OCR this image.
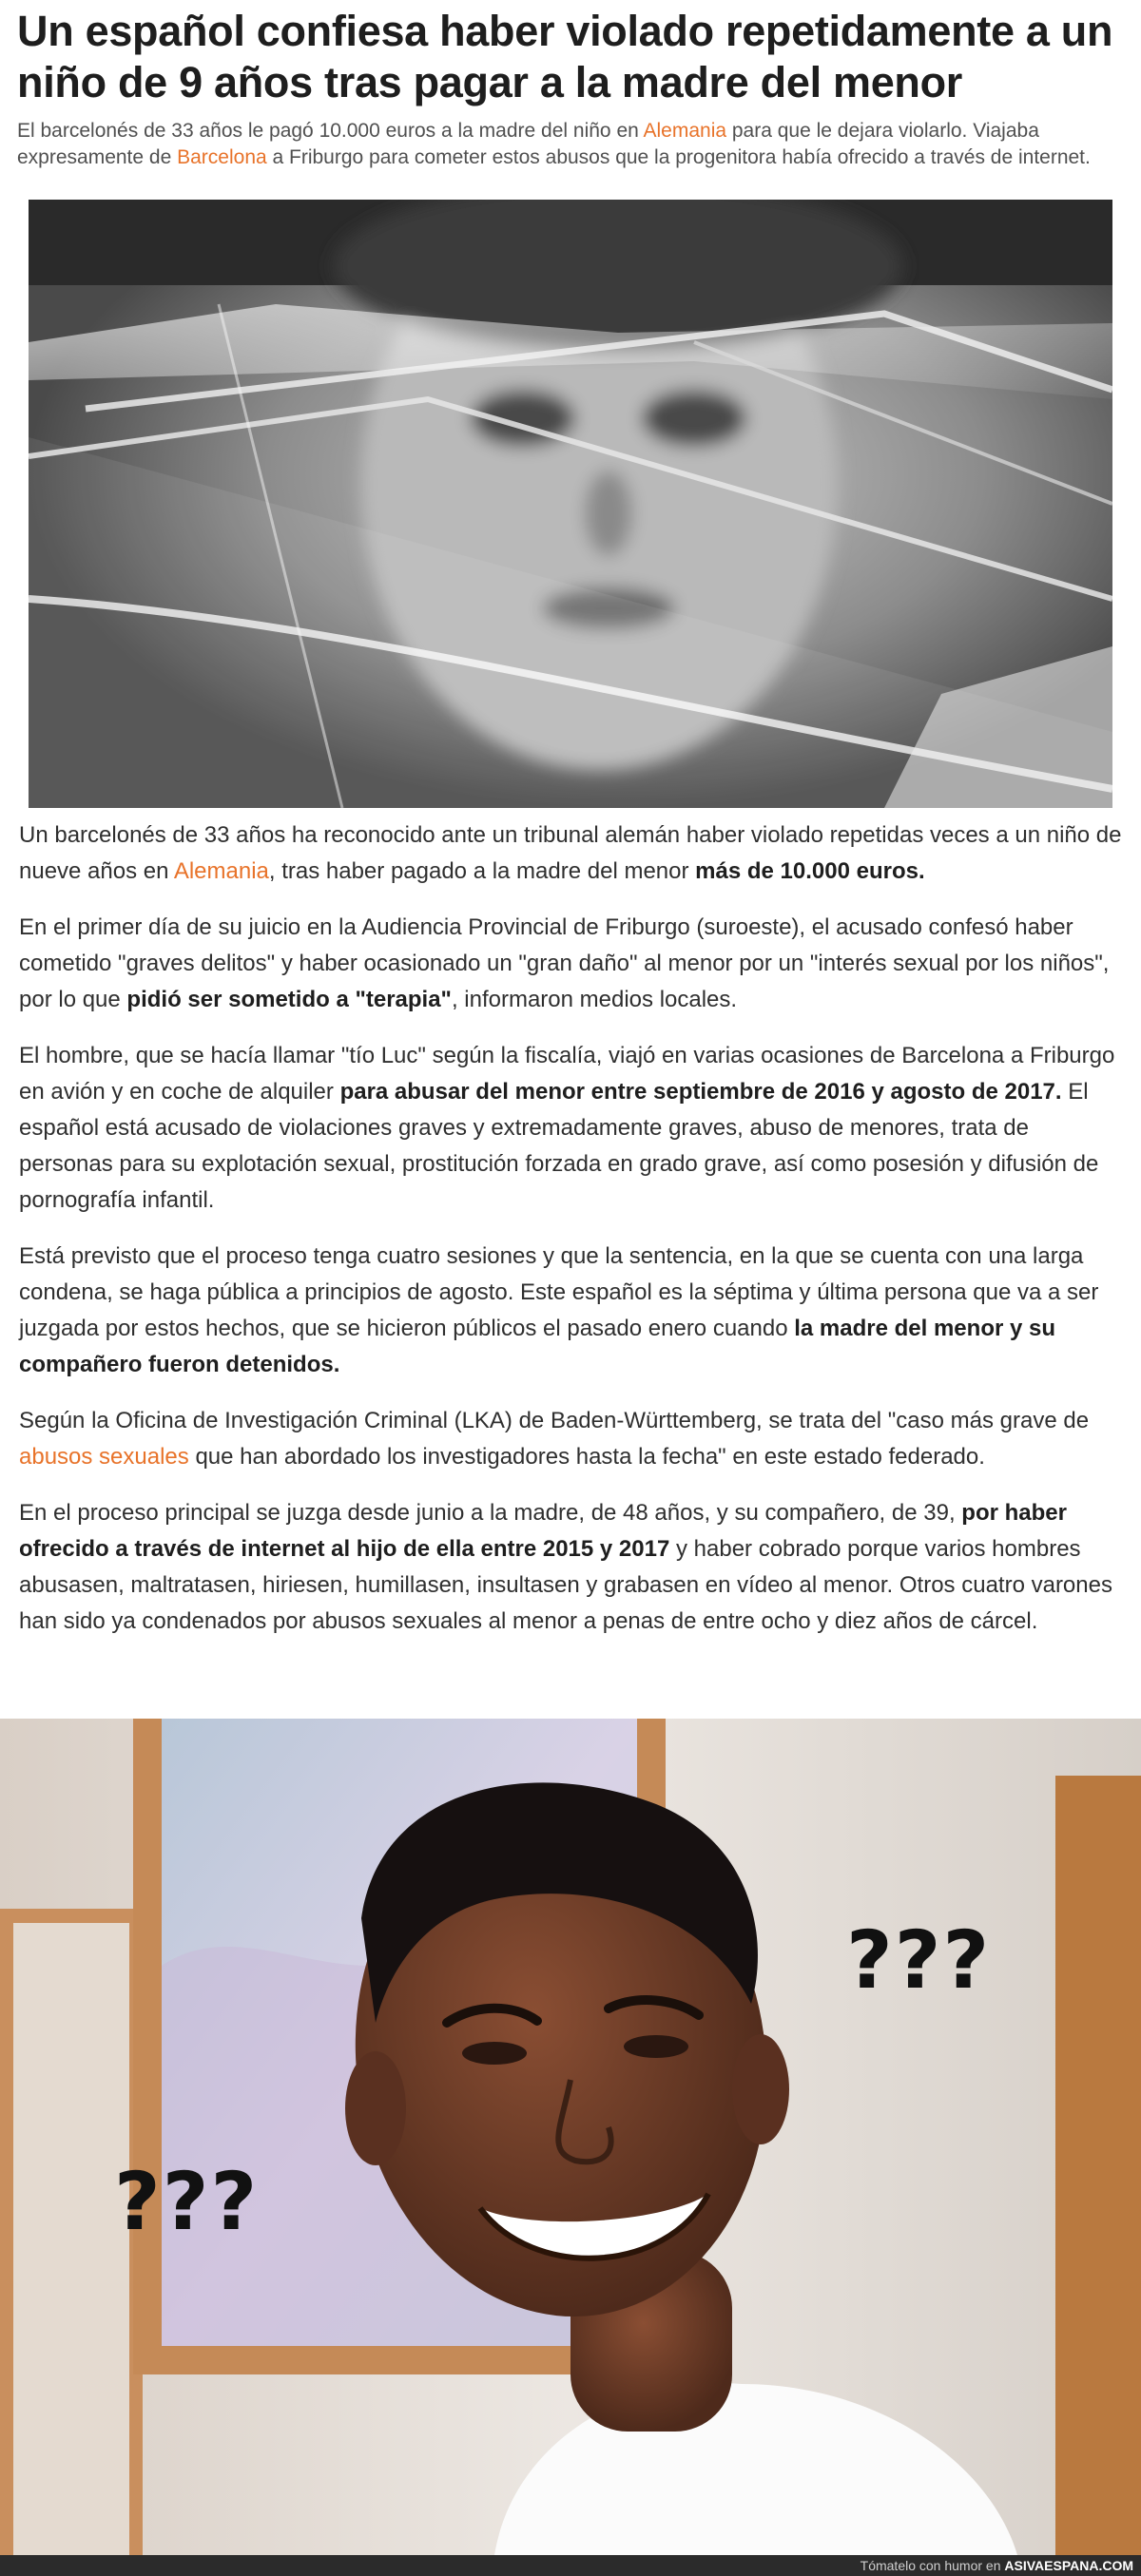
Un español confiesa haber violado repetidamente a un niño de 9 años tras pagar a la madre del menor

El barcelonés de 33 años le pagó 10.000 euros a la madre del niño en Alemania para que le dejara violarlo. Viajaba expresamente de Barcelona a Friburgo para cometer estos abusos que la progenitora había ofrecido a través de internet.

Un barcelonés de 33 años ha reconocido ante un tribunal alemán haber violado repetidas veces a un niño de nueve años en Alemania, tras haber pagado a la madre del menor más de 10.000 euros.

En el primer día de su juicio en la Audiencia Provincial de Friburgo (suroeste), el acusado confesó haber cometido "graves delitos" y haber ocasionado un "gran daño" al menor por un "interés sexual por los niños", por lo que pidió ser sometido a "terapia", informaron medios locales.

El hombre, que se hacía llamar "tío Luc" según la fiscalía, viajó en varias ocasiones de Barcelona a Friburgo en avión y en coche de alquiler para abusar del menor entre septiembre de 2016 y agosto de 2017. El español está acusado de violaciones graves y extremadamente graves, abuso de menores, trata de personas para su explotación sexual, prostitución forzada en grado grave, así como posesión y difusión de pornografía infantil.

Está previsto que el proceso tenga cuatro sesiones y que la sentencia, en la que se cuenta con una larga condena, se haga pública a principios de agosto. Este español es la séptima y última persona que va a ser juzgada por estos hechos, que se hicieron públicos el pasado enero cuando la madre del menor y su compañero fueron detenidos.

Según la Oficina de Investigación Criminal (LKA) de Baden-Württemberg, se trata del "caso más grave de abusos sexuales que han abordado los investigadores hasta la fecha" en este estado federado.

En el proceso principal se juzga desde junio a la madre, de 48 años, y su compañero, de 39, por haber ofrecido a través de internet al hijo de ella entre 2015 y 2017 y haber cobrado porque varios hombres abusasen, maltratasen, hiriesen, humillasen, insultasen y grabasen en vídeo al menor. Otros cuatro varones han sido ya condenados por abusos sexuales al menor a penas de entre ocho y diez años de cárcel.

???
???
Tómatelo con humor en ASIVAESPANA.COM
